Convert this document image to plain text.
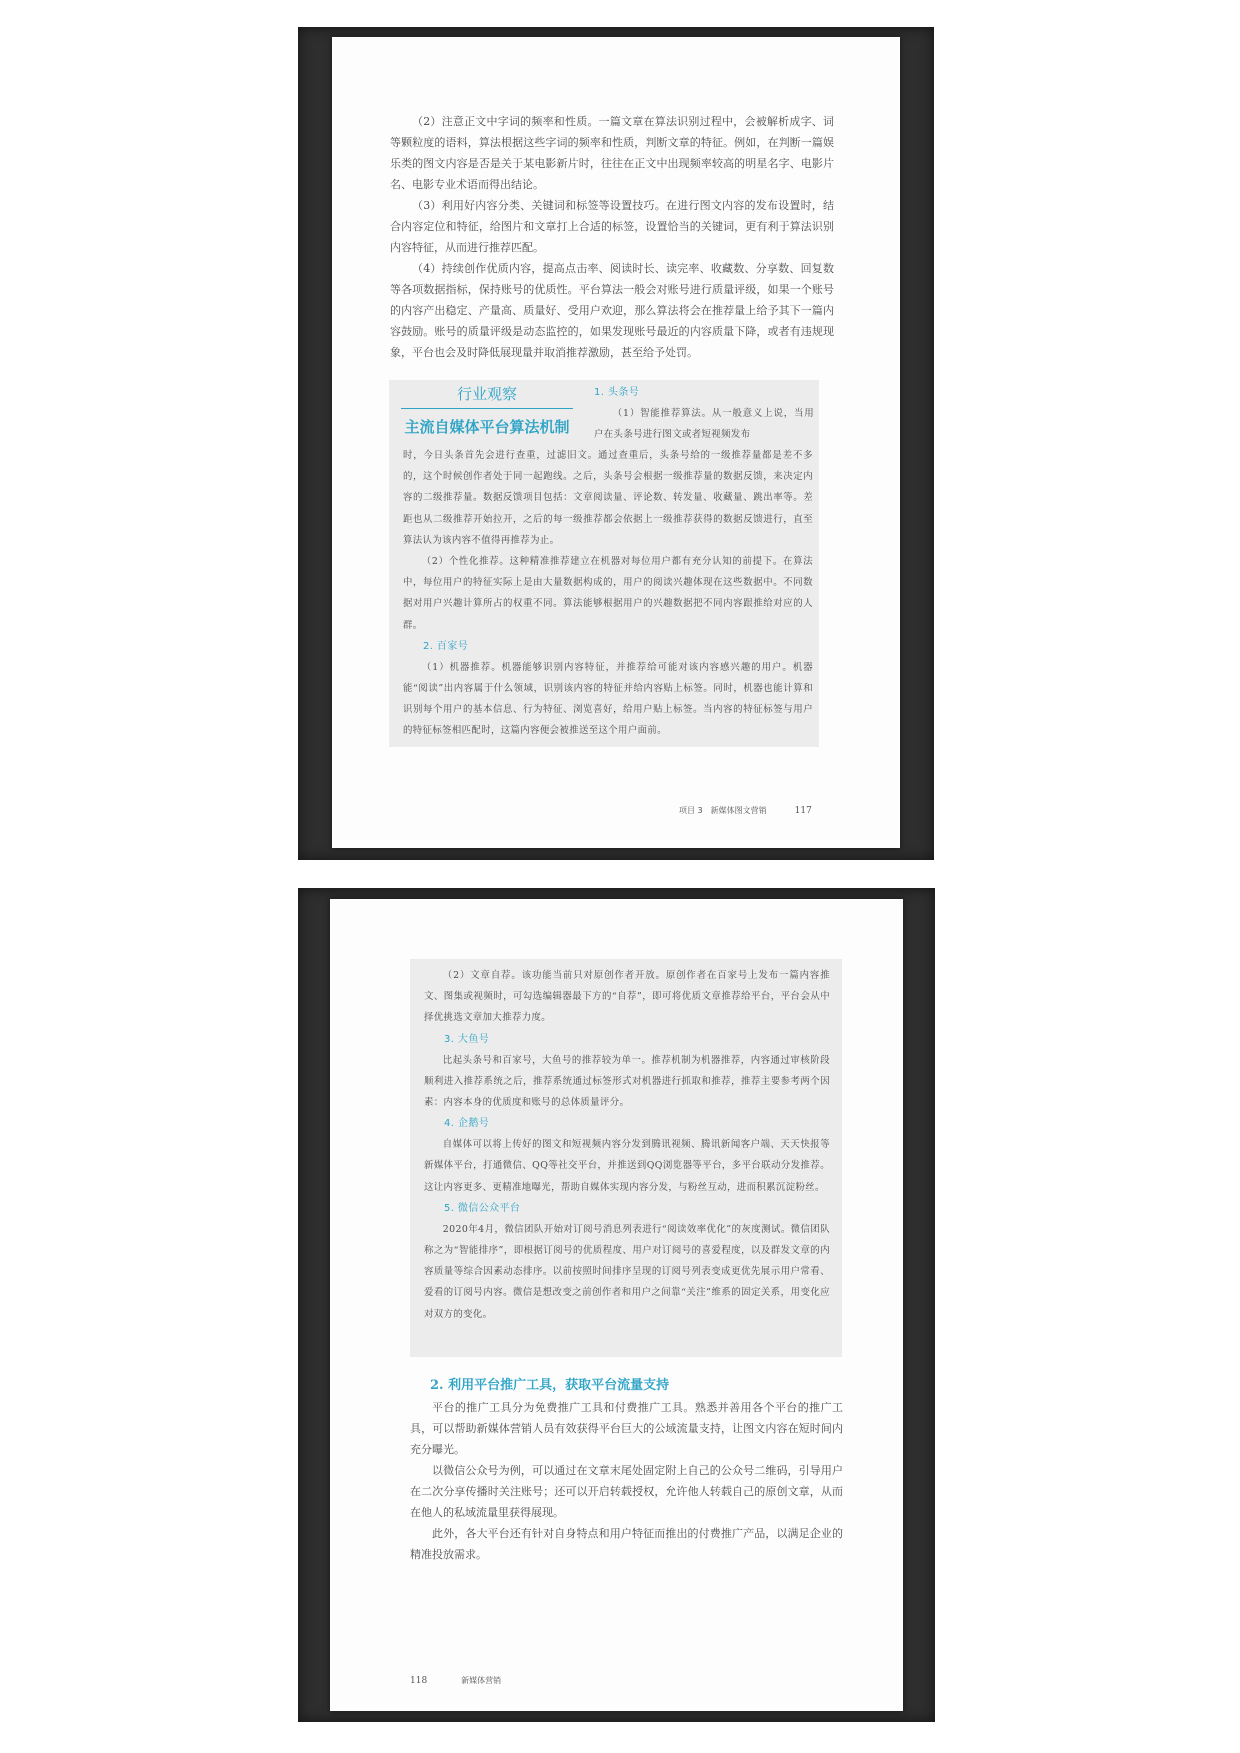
（2）注意正文中字词的频率和性质。一篇文章在算法识别过程中，会被解析成字、词等颗粒度的语料，算法根据这些字词的频率和性质，判断文章的特征。例如，在判断一篇娱乐类的图文内容是否是关于某电影新片时，往往在正文中出现频率较高的明星名字、电影片名、电影专业术语而得出结论。

（3）利用好内容分类、关键词和标签等设置技巧。在进行图文内容的发布设置时，结合内容定位和特征，给图片和文章打上合适的标签，设置恰当的关键词，更有利于算法识别内容特征，从而进行推荐匹配。

（4）持续创作优质内容，提高点击率、阅读时长、读完率、收藏数、分享数、回复数等各项数据指标，保持账号的优质性。平台算法一般会对账号进行质量评级，如果一个账号的内容产出稳定、产量高、质量好、受用户欢迎，那么算法将会在推荐量上给予其下一篇内容鼓励。账号的质量评级是动态监控的，如果发现账号最近的内容质量下降，或者有违规现象，平台也会及时降低展现量并取消推荐激励，甚至给予处罚。

行业观察
主流自媒体平台算法机制

1. 头条号

（1）智能推荐算法。从一般意义上说，当用户在头条号进行图文或者短视频发布

时，今日头条首先会进行查重，过滤旧文。通过查重后，头条号给的一级推荐量都是差不多的，这个时候创作者处于同一起跑线。之后，头条号会根据一级推荐量的数据反馈，来决定内容的二级推荐量。数据反馈项目包括：文章阅读量、评论数、转发量、收藏量、跳出率等。差距也从二级推荐开始拉开，之后的每一级推荐都会依据上一级推荐获得的数据反馈进行，直至算法认为该内容不值得再推荐为止。

（2）个性化推荐。这种精准推荐建立在机器对每位用户都有充分认知的前提下。在算法中，每位用户的特征实际上是由大量数据构成的，用户的阅读兴趣体现在这些数据中。不同数据对用户兴趣计算所占的权重不同。算法能够根据用户的兴趣数据把不同内容跟推给对应的人群。

2. 百家号

（1）机器推荐。机器能够识别内容特征，并推荐给可能对该内容感兴趣的用户。机器能“阅读”出内容属于什么领域，识别该内容的特征并给内容贴上标签。同时，机器也能计算和识别每个用户的基本信息、行为特征、浏览喜好，给用户贴上标签。当内容的特征标签与用户的特征标签相匹配时，这篇内容便会被推送至这个用户面前。

项目 3　新媒体图文营销	117

（2）文章自荐。该功能当前只对原创作者开放。原创作者在百家号上发布一篇内容推文、图集或视频时，可勾选编辑器最下方的“自荐”，即可将优质文章推荐给平台，平台会从中择优挑选文章加大推荐力度。

3. 大鱼号

比起头条号和百家号，大鱼号的推荐较为单一。推荐机制为机器推荐，内容通过审核阶段顺利进入推荐系统之后，推荐系统通过标签形式对机器进行抓取和推荐，推荐主要参考两个因素：内容本身的优质度和账号的总体质量评分。

4. 企鹅号

自媒体可以将上传好的图文和短视频内容分发到腾讯视频、腾讯新闻客户端、天天快报等新媒体平台，打通微信、QQ等社交平台，并推送到QQ浏览器等平台，多平台联动分发推荐。这让内容更多、更精准地曝光，帮助自媒体实现内容分发，与粉丝互动，进而积累沉淀粉丝。

5. 微信公众平台

2020年4月，微信团队开始对订阅号消息列表进行“阅读效率优化”的灰度测试。微信团队称之为“智能排序”，即根据订阅号的优质程度、用户对订阅号的喜爱程度，以及群发文章的内容质量等综合因素动态排序。以前按照时间排序呈现的订阅号列表变成更优先展示用户常看、爱看的订阅号内容。微信是想改变之前创作者和用户之间靠“关注”维系的固定关系，用变化应对双方的变化。

2. 利用平台推广工具，获取平台流量支持

平台的推广工具分为免费推广工具和付费推广工具。熟悉并善用各个平台的推广工具，可以帮助新媒体营销人员有效获得平台巨大的公域流量支持，让图文内容在短时间内充分曝光。

以微信公众号为例，可以通过在文章末尾处固定附上自己的公众号二维码，引导用户在二次分享传播时关注账号；还可以开启转载授权，允许他人转载自己的原创文章，从而在他人的私域流量里获得展现。

此外，各大平台还有针对自身特点和用户特征而推出的付费推广产品，以满足企业的精准投放需求。

118	新媒体营销
